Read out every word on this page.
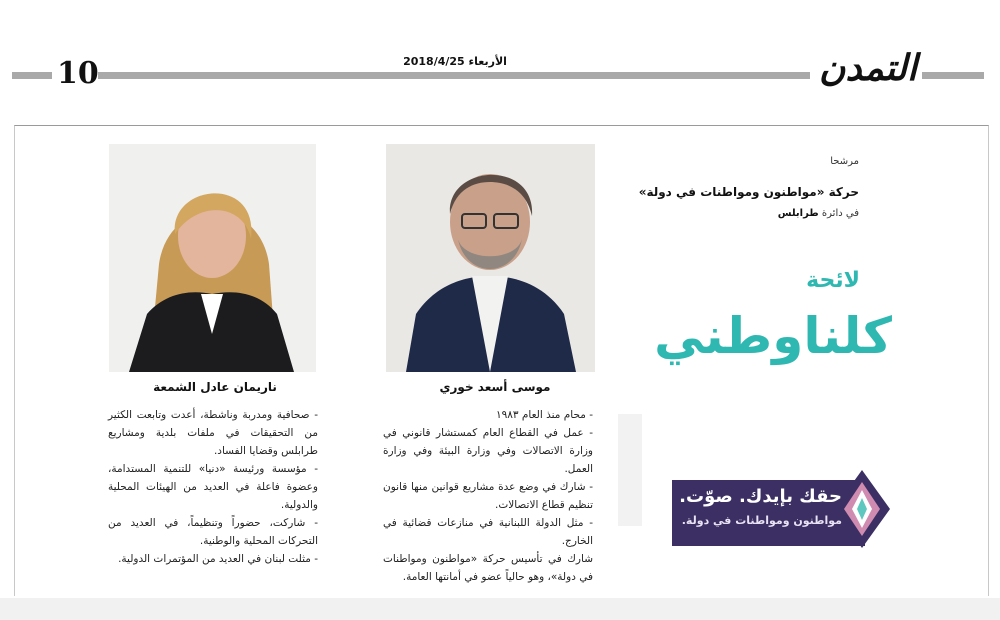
10	الأربعاء 2018/4/25	التمدن
ناريمان عادل الشمعة	موسى أسعد خوري
- صحافية ومدربة وناشطة، أعدت وتابعت الكثير من التحقيقات في ملفات بلدية ومشاريع طرابلس وقضايا الفساد.
- مؤسسة ورئيسة «دنيا» للتنمية المستدامة، وعضوة فاعلة في العديد من الهيئات المحلية والدولية.
- شاركت، حضوراً وتنظيماً، في العديد من التحركات المحلية والوطنية.
- مثلت لبنان في العديد من المؤتمرات الدولية.
- محام منذ العام ١٩٨٣
- عمل في القطاع العام كمستشار قانوني في وزارة الاتصالات وفي وزارة البيئة وفي وزارة العمل.
- شارك في وضع عدة مشاريع قوانين منها قانون تنظيم قطاع الاتصالات.
- مثل الدولة اللبنانية في منازعات قضائية في الخارج.
شارك في تأسيس حركة «مواطنون ومواطنات في دولة»، وهو حالياً عضو في أمانتها العامة.
مرشحا
حركة «مواطنون ومواطنات في دولة»
في دائرة طرابلس
لائحة
كلناوطني
حقك بإيدك. صوّت.
مواطنون ومواطنات في دولة.
